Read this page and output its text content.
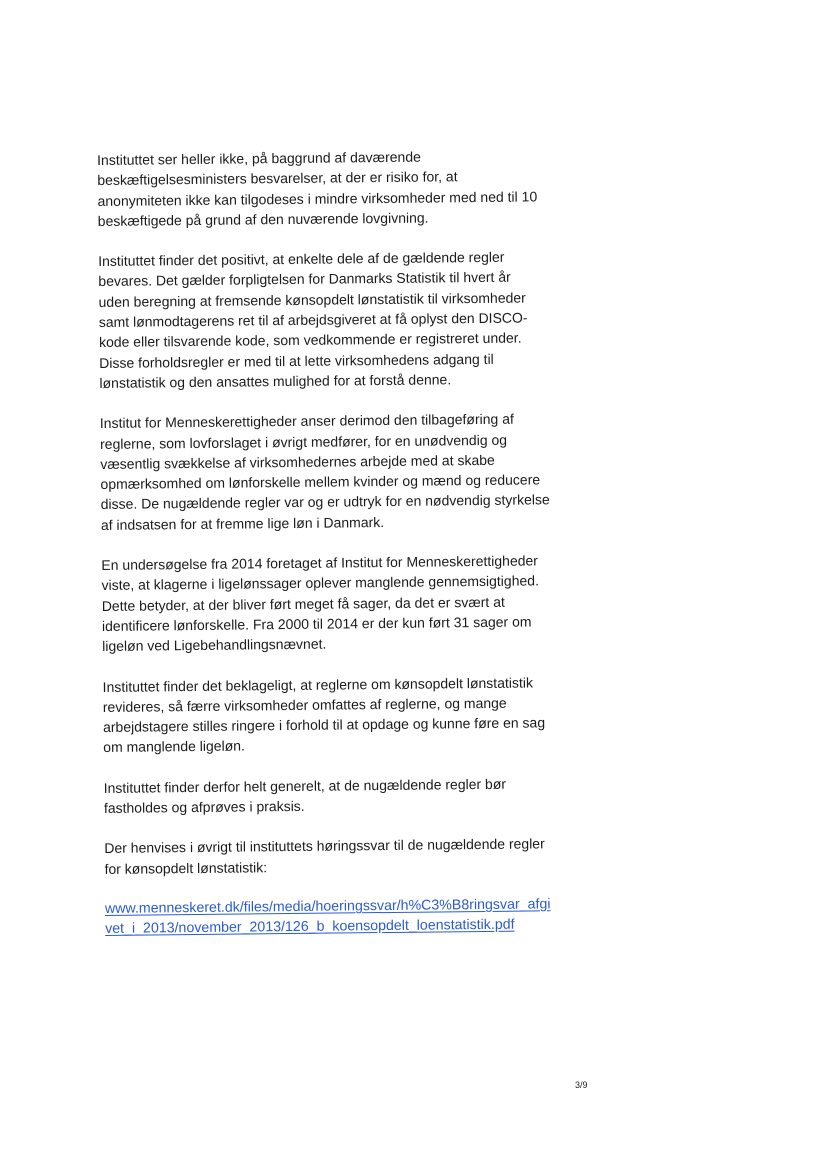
Instituttet ser heller ikke, på baggrund af daværende
beskæftigelsesministers besvarelser, at der er risiko for, at
anonymiteten ikke kan tilgodeses i mindre virksomheder med ned til 10
beskæftigede på grund af den nuværende lovgivning.

Instituttet finder det positivt, at enkelte dele af de gældende regler
bevares. Det gælder forpligtelsen for Danmarks Statistik til hvert år
uden beregning at fremsende kønsopdelt lønstatistik til virksomheder
samt lønmodtagerens ret til af arbejdsgiveret at få oplyst den DISCO-
kode eller tilsvarende kode, som vedkommende er registreret under.
Disse forholdsregler er med til at lette virksomhedens adgang til
lønstatistik og den ansattes mulighed for at forstå denne.

Institut for Menneskerettigheder anser derimod den tilbageføring af
reglerne, som lovforslaget i øvrigt medfører, for en unødvendig og
væsentlig svækkelse af virksomhedernes arbejde med at skabe
opmærksomhed om lønforskelle mellem kvinder og mænd og reducere
disse. De nugældende regler var og er udtryk for en nødvendig styrkelse
af indsatsen for at fremme lige løn i Danmark.

En undersøgelse fra 2014 foretaget af Institut for Menneskerettigheder
viste, at klagerne i ligelønssager oplever manglende gennemsigtighed.
Dette betyder, at der bliver ført meget få sager, da det er svært at
identificere lønforskelle. Fra 2000 til 2014 er der kun ført 31 sager om
ligeløn ved Ligebehandlingsnævnet.

Instituttet finder det beklageligt, at reglerne om kønsopdelt lønstatistik
revideres, så færre virksomheder omfattes af reglerne, og mange
arbejdstagere stilles ringere i forhold til at opdage og kunne føre en sag
om manglende ligeløn.

Instituttet finder derfor helt generelt, at de nugældende regler bør
fastholdes og afprøves i praksis.

Der henvises i øvrigt til instituttets høringssvar til de nugældende regler
for kønsopdelt lønstatistik:

www.menneskeret.dk/files/media/hoeringssvar/h%C3%B8ringsvar_afgi
vet_i_2013/november_2013/126_b_koensopdelt_loenstatistik.pdf

3/9
